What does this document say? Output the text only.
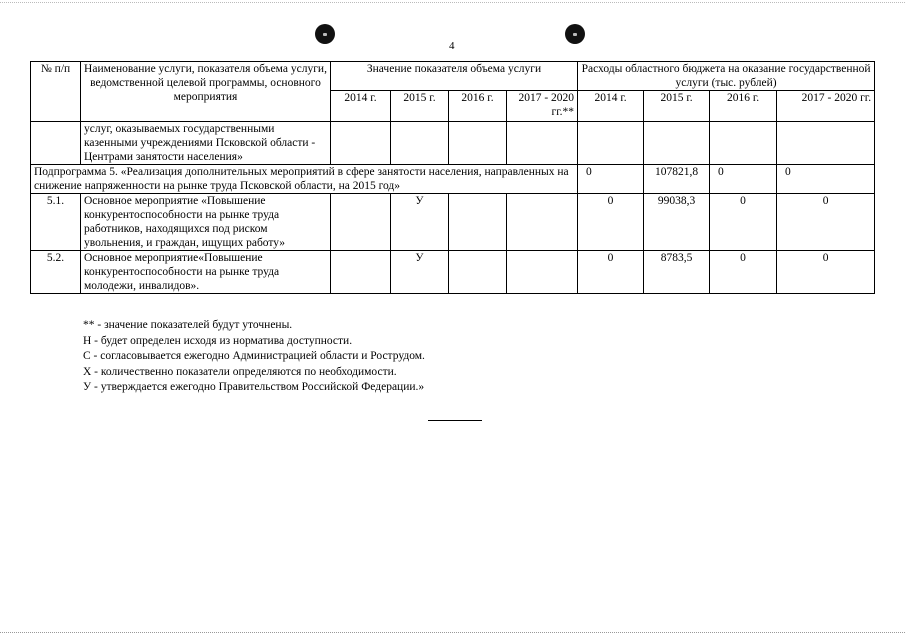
4
№ п/п	Наименование услуги, показателя объема услуги, ведомственной целевой программы, основного мероприятия	Значение показателя объема услуги				Расходы областного бюджета на оказание государственной услуги (тыс. рублей)			
		2014 г.	2015 г.	2016 г.	2017 - 2020 гг.**	2014 г.	2015 г.	2016 г.	2017 - 2020 гг.
	услуг, оказываемых государственными казенными учреждениями Псковской области - Центрами занятости населения»								
Подпрограмма 5. «Реализация дополнительных мероприятий в сфере занятости населения, направленных на снижение напряженности на рынке труда Псковской области, на 2015 год»						0	107821,8	0	0
5.1.	Основное мероприятие «Повышение конкурентоспособности на рынке труда работников, находящихся под риском увольнения, и граждан, ищущих работу»		У			0	99038,3	0	0
5.2.	Основное мероприятие«Повышение конкурентоспособности на рынке труда молодежи, инвалидов».		У			0	8783,5	0	0
** - значение показателей будут уточнены.
Н - будет определен исходя из норматива доступности.
С - согласовывается ежегодно Администрацией области и Рострудом.
Х - количественно показатели определяются по необходимости.
У - утверждается ежегодно Правительством Российской Федерации.»
